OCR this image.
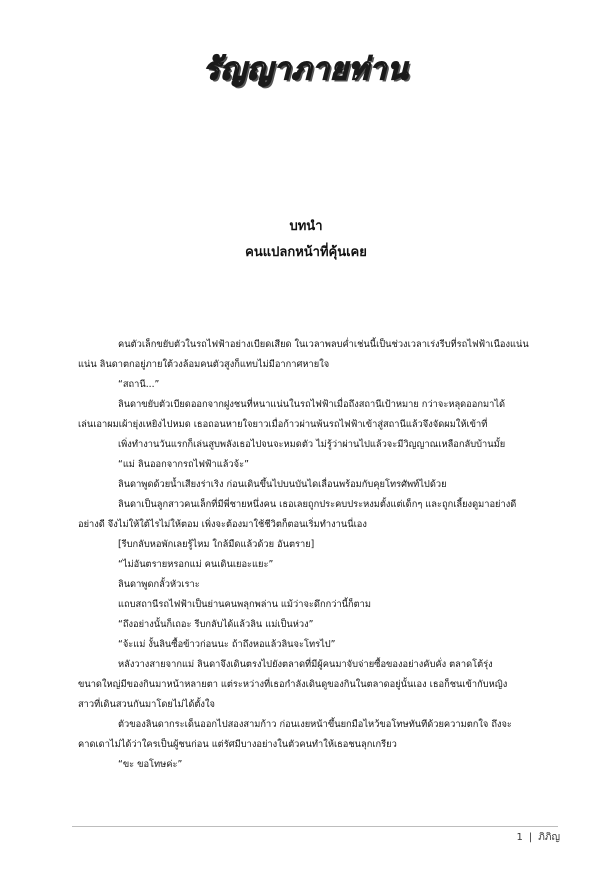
รัญญาภายท่าน
บทนำ
คนแปลกหน้าที่คุ้นเคย
คนตัวเล็กขยับตัวในรถไฟฟ้าอย่างเบียดเสียด ในเวลาพลบค่ำเช่นนี้เป็นช่วงเวลาเร่งรีบที่รถไฟฟ้าเนืองแน่น
แน่น ลินดาตกอยู่ภายใต้วงล้อมคนตัวสูงก็แทบไม่มีอากาศหายใจ
“สถานี...”
ลินดาขยับตัวเบียดออกจากฝูงชนที่หนาแน่นในรถไฟฟ้าเมื่อถึงสถานีเป้าหมาย กว่าจะหลุดออกมาได้
เล่นเอาผมเผ้ายุ่งเหยิงไปหมด เธอถอนหายใจยาวเมื่อก้าวผ่านพ้นรถไฟฟ้าเข้าสู่สถานีแล้วจึงจัดผมให้เข้าที่
เพิ่งทำงานวันแรกก็เล่นสูบพลังเธอไปจนจะหมดตัว ไม่รู้ว่าผ่านไปแล้วจะมีวิญญาณเหลือกลับบ้านมั้ย
“แม่ ลินออกจากรถไฟฟ้าแล้วจ้ะ”
ลินดาพูดด้วยน้ำเสียงร่าเริง ก่อนเดินขึ้นไปบนบันไดเลื่อนพร้อมกับคุยโทรศัพท์ไปด้วย
ลินดาเป็นลูกสาวคนเล็กที่มีพี่ชายหนึ่งคน เธอเลยถูกประคบประหงมตั้งแต่เด็กๆ และถูกเลี้ยงดูมาอย่างดี
อย่างดี จึงไม่ให้ใต้ไรไม่ให้ตอม เพิ่งจะต้องมาใช้ชีวิตก็ตอนเริ่มทำงานนี่เอง
[รีบกลับหอพักเลยรู้ไหม ใกล้มืดแล้วด้วย อันตราย]
“ไม่อันตรายหรอกแม่ คนเดินเยอะแยะ”
ลินดาพูดกลั้วหัวเราะ
แถบสถานีรถไฟฟ้าเป็นย่านคนพลุกพล่าน แม้ว่าจะดึกกว่านี้ก็ตาม
“ถึงอย่างนั้นก็เถอะ รีบกลับได้แล้วลิน แม่เป็นห่วง”
“จ้ะแม่ งั้นลินซื้อข้าวก่อนนะ ถ้าถึงหอแล้วลินจะโทรไป”
หลังวางสายจากแม่ ลินดาจึงเดินตรงไปยังตลาดที่มีผู้คนมาจับจ่ายซื้อของอย่างคับคั่ง ตลาดโต้รุ่ง
ขนาดใหญ่มีของกินมาหน้าหลายตา แต่ระหว่างที่เธอกำลังเดินดูของกินในตลาดอยู่นั้นเอง เธอก็ชนเข้ากับหญิง
สาวที่เดินสวนกันมาโดยไม่ได้ตั้งใจ
ตัวของลินดากระเด็นออกไปสองสามก้าว ก่อนเงยหน้าขึ้นยกมือไหว้ขอโทษทันทีด้วยความตกใจ ถึงจะ
คาดเดาไม่ได้ว่าใครเป็นผู้ชนก่อน แต่รัศมีบางอย่างในตัวคนทำให้เธอชนลุกเกรียว
“ขะ ขอโทษค่ะ”
1 | ภิภิญ
